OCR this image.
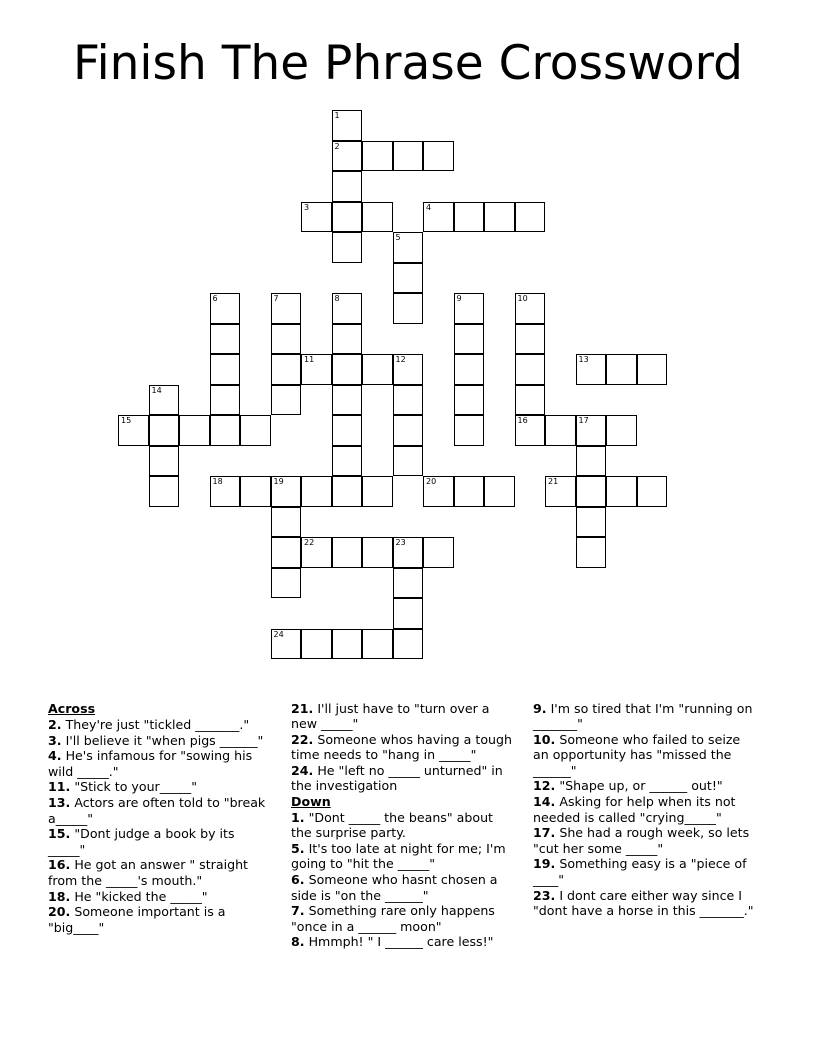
Finish The Phrase Crossword
1
2
3	4
5
6	7	8	9	10
11	12	13
14
15	16	17
18	19	20	21
22	23
24
Across
2. They're just "tickled _______."
3. I'll believe it "when pigs ______"
4. He's infamous for "sowing his wild _____."
11. "Stick to your_____"
13. Actors are often told to "break a_____"
15. "Dont judge a book by its _____"
16. He got an answer " straight from the _____'s mouth."
18. He "kicked the _____"
20. Someone important is a "big____"
21. I'll just have to "turn over a new _____"
22. Someone whos having a tough time needs to "hang in _____"
24. He "left no _____ unturned" in the investigation
Down
1. "Dont _____ the beans" about the surprise party.
5. It's too late at night for me; I'm going to "hit the _____"
6. Someone who hasnt chosen a side is "on the ______"
7. Something rare only happens "once in a ______ moon"
8. Hmmph! " I ______ care less!"
9. I'm so tired that I'm "running on _______"
10. Someone who failed to seize an opportunity has "missed the ______"
12. "Shape up, or ______ out!"
14. Asking for help when its not needed is called "crying_____"
17. She had a rough week, so lets "cut her some _____"
19. Something easy is a "piece of ____"
23. I dont care either way since I "dont have a horse in this _______."
